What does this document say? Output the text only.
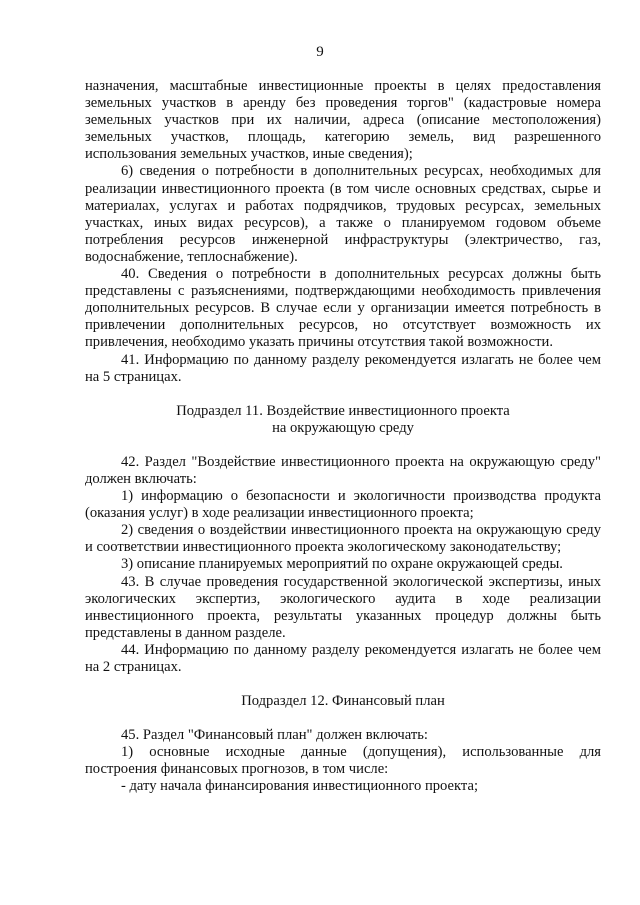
9

назначения, масштабные инвестиционные проекты в целях предоставления земельных участков в аренду без проведения торгов" (кадастровые номера земельных участков при их наличии, адреса (описание местоположения) земельных участков, площадь, категорию земель, вид разрешенного использования земельных участков, иные сведения);

6) сведения о потребности в дополнительных ресурсах, необходимых для реализации инвестиционного проекта (в том числе основных средствах, сырье и материалах, услугах и работах подрядчиков, трудовых ресурсах, земельных участках, иных видах ресурсов), а также о планируемом годовом объеме потребления ресурсов инженерной инфраструктуры (электричество, газ, водоснабжение, теплоснабжение).

40. Сведения о потребности в дополнительных ресурсах должны быть представлены с разъяснениями, подтверждающими необходимость привлечения дополнительных ресурсов. В случае если у организации имеется потребность в привлечении дополнительных ресурсов, но отсутствует возможность их привлечения, необходимо указать причины отсутствия такой возможности.

41. Информацию по данному разделу рекомендуется излагать не более чем на 5 страницах.

Подраздел 11. Воздействие инвестиционного проекта

на окружающую среду

42. Раздел "Воздействие инвестиционного проекта на окружающую среду" должен включать:

1) информацию о безопасности и экологичности производства продукта (оказания услуг) в ходе реализации инвестиционного проекта;

2) сведения о воздействии инвестиционного проекта на окружающую среду и соответствии инвестиционного проекта экологическому законодательству;

3) описание планируемых мероприятий по охране окружающей среды.

43. В случае проведения государственной экологической экспертизы, иных экологических экспертиз, экологического аудита в ходе реализации инвестиционного проекта, результаты указанных процедур должны быть представлены в данном разделе.

44. Информацию по данному разделу рекомендуется излагать не более чем на 2 страницах.

Подраздел 12. Финансовый план

45. Раздел "Финансовый план" должен включать:

1) основные исходные данные (допущения), использованные для построения финансовых прогнозов, в том числе:

- дату начала финансирования инвестиционного проекта;
